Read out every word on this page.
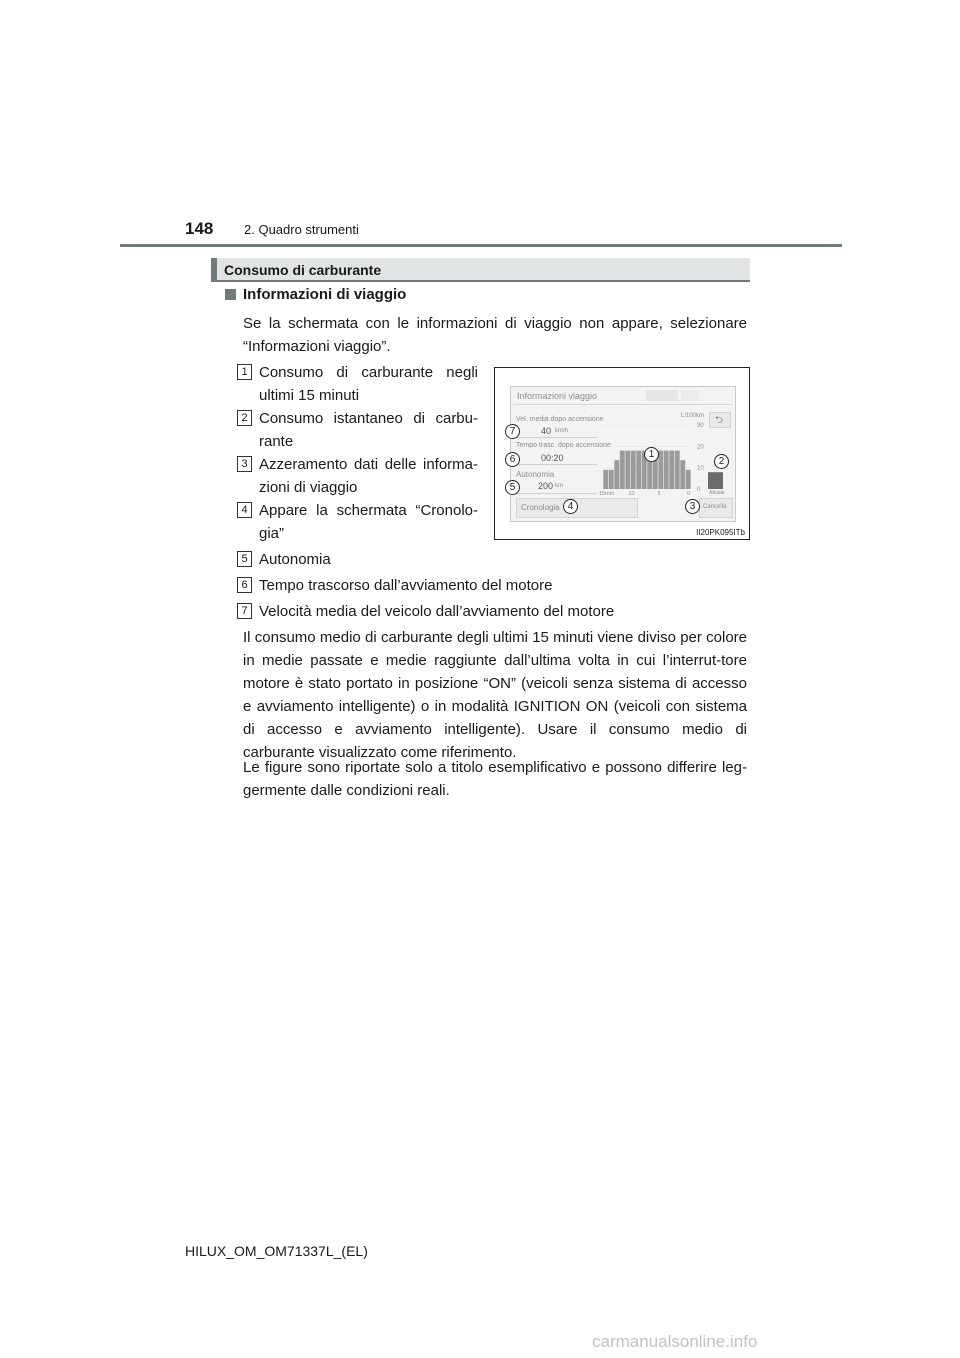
148 2. Quadro strumenti
Consumo di carburante
Informazioni di viaggio
Se la schermata con le informazioni di viaggio non appare, selezionare “Informazioni viaggio”.
1 Consumo di carburante negli
ultimi 15 minuti
2 Consumo istantaneo di carbu-
rante
3 Azzeramento dati delle informa-
zioni di viaggio
4 Appare la schermata “Cronolo-
gia”
5 Autonomia
6 Tempo trascorso dall’avviamento del motore
7 Velocità media del veicolo dall’avviamento del motore
Informazioni viaggio
Vel. media dopo accensione
40 km/h
Tempo trasc. dopo accensione
00:20
Autonomia
200 km
Cronologia	Cancella
⮌
30
20
10
0
L/100km
Attuale
15min	10	5	0
7
6
5
1
2
4	3
II20PK095ITb
Il consumo medio di carburante degli ultimi 15 minuti viene diviso per colore in medie passate e medie raggiunte dall’ultima volta in cui l’interrut-tore motore è stato portato in posizione “ON” (veicoli senza sistema di accesso e avviamento intelligente) o in modalità IGNITION ON (veicoli con sistema di accesso e avviamento intelligente). Usare il consumo medio di carburante visualizzato come riferimento.
Le figure sono riportate solo a titolo esemplificativo e possono differire leg-germente dalle condizioni reali.
HILUX_OM_OM71337L_(EL)
carmanualsonline.info
